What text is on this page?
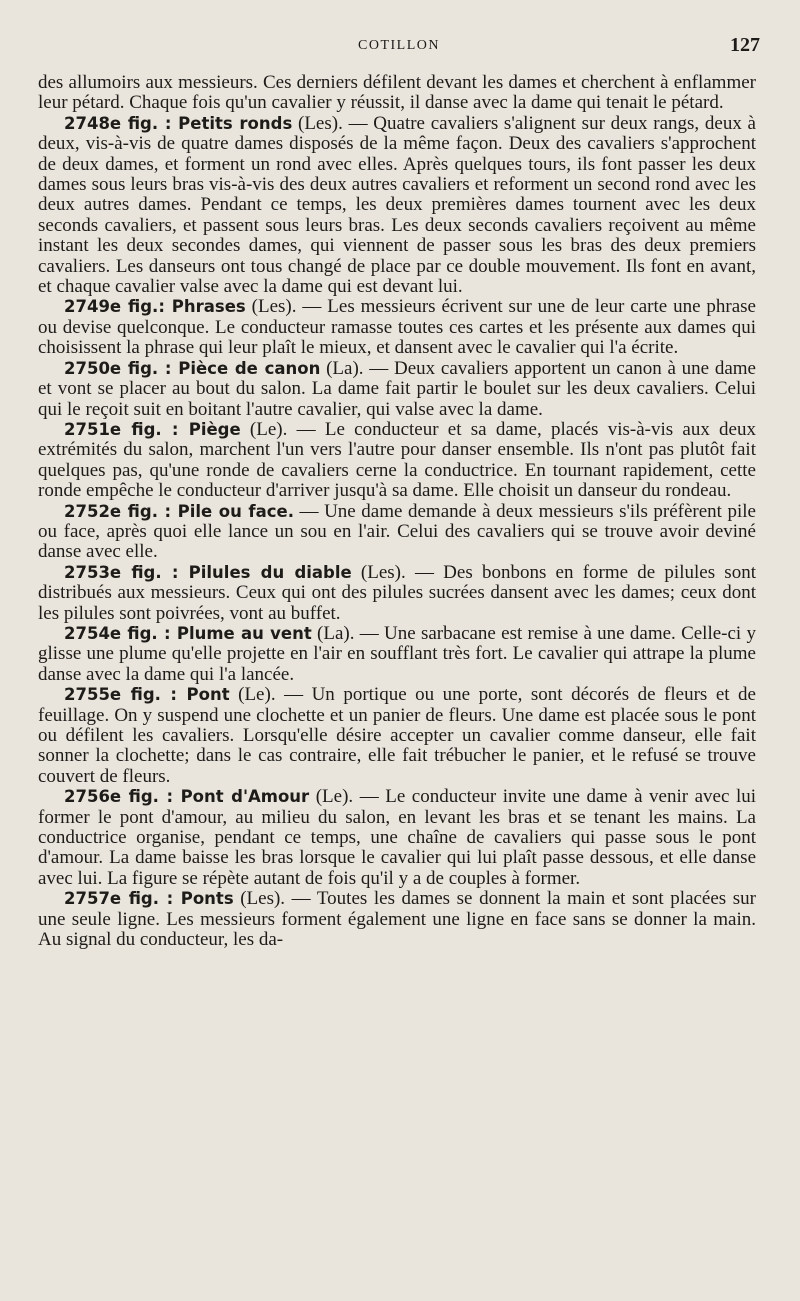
COTILLON	127

des allumoirs aux messieurs. Ces derniers défilent devant les dames et cherchent à enflammer leur pétard. Chaque fois qu'un cavalier y réussit, il danse avec la dame qui tenait le pétard.

2748e fig. : Petits ronds (Les). — Quatre cavaliers s'alignent sur deux rangs, deux à deux, vis-à-vis de quatre dames disposés de la même façon. Deux des cavaliers s'approchent de deux dames, et forment un rond avec elles. Après quelques tours, ils font passer les deux dames sous leurs bras vis-à-vis des deux autres cavaliers et reforment un second rond avec les deux autres dames. Pendant ce temps, les deux premières dames tournent avec les deux seconds cavaliers, et passent sous leurs bras. Les deux seconds cavaliers reçoivent au même instant les deux secondes dames, qui viennent de passer sous les bras des deux premiers cavaliers. Les danseurs ont tous changé de place par ce double mouvement. Ils font en avant, et chaque cavalier valse avec la dame qui est devant lui.

2749e fig.: Phrases (Les). — Les messieurs écrivent sur une de leur carte une phrase ou devise quelconque. Le conducteur ramasse toutes ces cartes et les présente aux dames qui choisissent la phrase qui leur plaît le mieux, et dansent avec le cavalier qui l'a écrite.

2750e fig. : Pièce de canon (La). — Deux cavaliers apportent un canon à une dame et vont se placer au bout du salon. La dame fait partir le boulet sur les deux cavaliers. Celui qui le reçoit suit en boitant l'autre cavalier, qui valse avec la dame.

2751e fig. : Piège (Le). — Le conducteur et sa dame, placés vis-à-vis aux deux extrémités du salon, marchent l'un vers l'autre pour danser ensemble. Ils n'ont pas plutôt fait quelques pas, qu'une ronde de cavaliers cerne la conductrice. En tournant rapidement, cette ronde empêche le conducteur d'arriver jusqu'à sa dame. Elle choisit un danseur du rondeau.

2752e fig. : Pile ou face. — Une dame demande à deux messieurs s'ils préfèrent pile ou face, après quoi elle lance un sou en l'air. Celui des cavaliers qui se trouve avoir deviné danse avec elle.

2753e fig. : Pilules du diable (Les). — Des bonbons en forme de pilules sont distribués aux messieurs. Ceux qui ont des pilules sucrées dansent avec les dames; ceux dont les pilules sont poivrées, vont au buffet.

2754e fig. : Plume au vent (La). — Une sarbacane est remise à une dame. Celle-ci y glisse une plume qu'elle projette en l'air en soufflant très fort. Le cavalier qui attrape la plume danse avec la dame qui l'a lancée.

2755e fig. : Pont (Le). — Un portique ou une porte, sont décorés de fleurs et de feuillage. On y suspend une clochette et un panier de fleurs. Une dame est placée sous le pont ou défilent les cavaliers. Lorsqu'elle désire accepter un cavalier comme danseur, elle fait sonner la clochette; dans le cas contraire, elle fait trébucher le panier, et le refusé se trouve couvert de fleurs.

2756e fig. : Pont d'Amour (Le). — Le conducteur invite une dame à venir avec lui former le pont d'amour, au milieu du salon, en levant les bras et se tenant les mains. La conductrice organise, pendant ce temps, une chaîne de cavaliers qui passe sous le pont d'amour. La dame baisse les bras lorsque le cavalier qui lui plaît passe dessous, et elle danse avec lui. La figure se répète autant de fois qu'il y a de couples à former.

2757e fig. : Ponts (Les). — Toutes les dames se donnent la main et sont placées sur une seule ligne. Les messieurs forment également une ligne en face sans se donner la main. Au signal du conducteur, les da-
